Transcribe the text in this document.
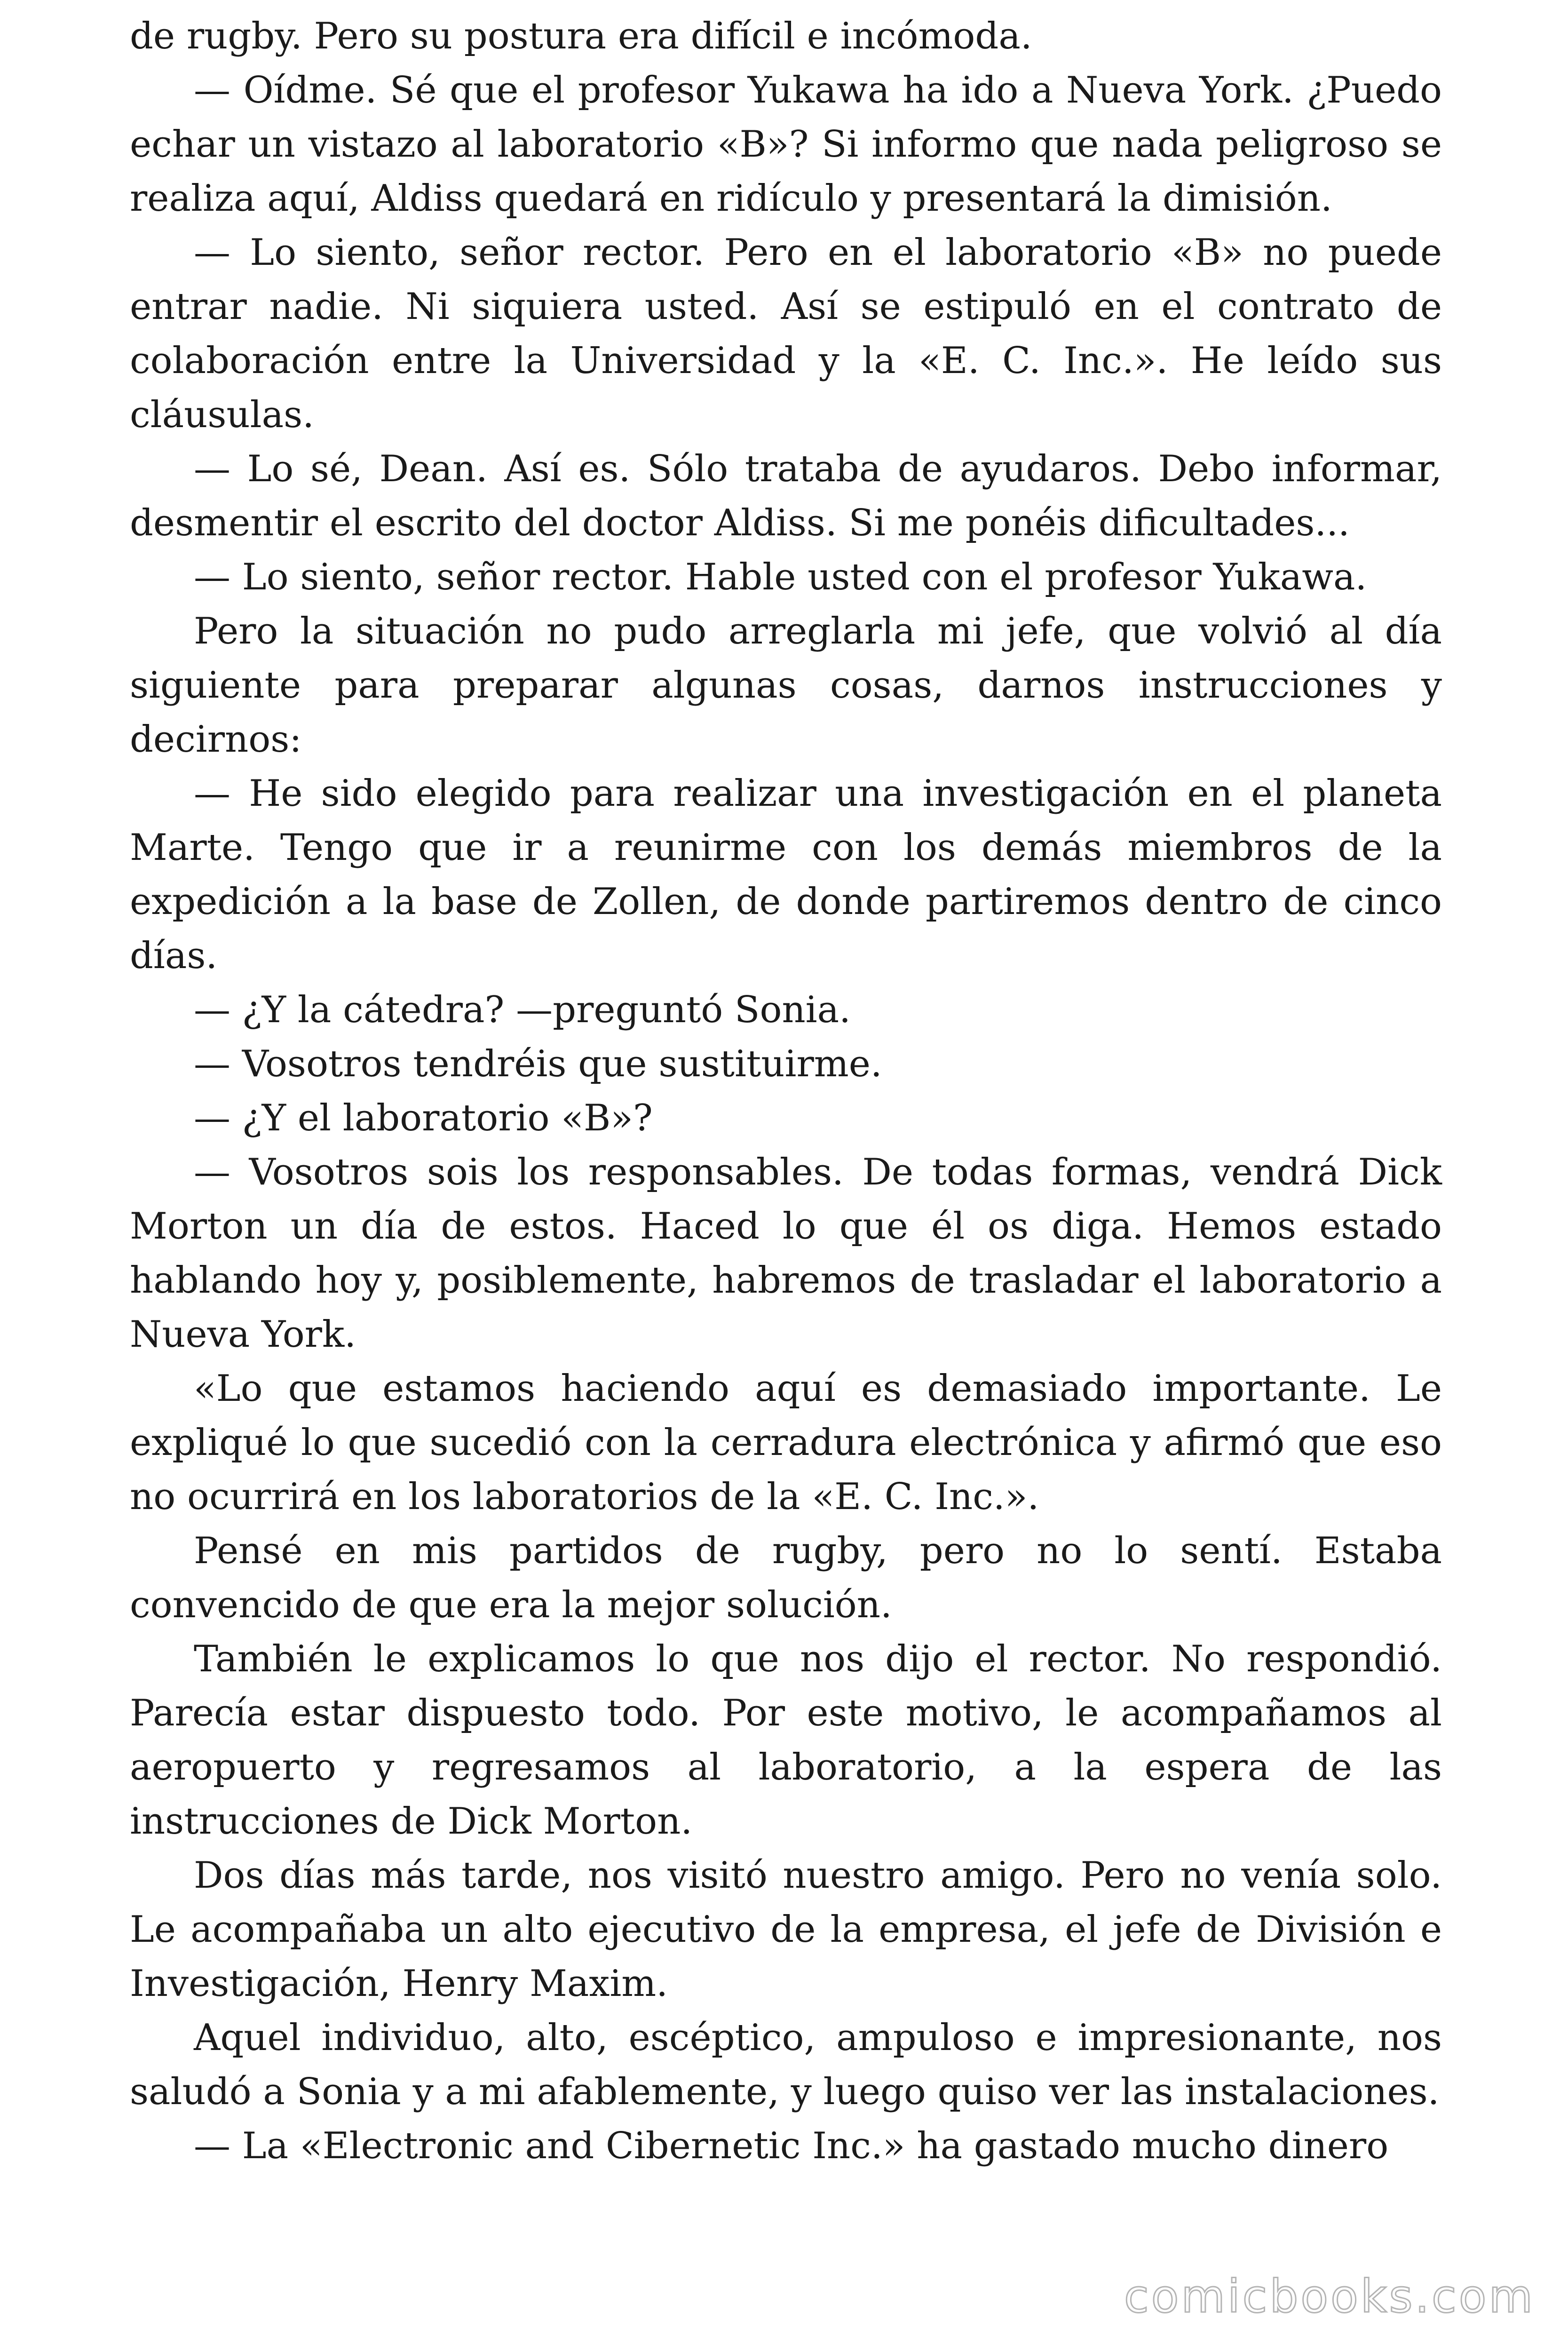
de rugby. Pero su postura era difícil e incómoda.

— Oídme. Sé que el profesor Yukawa ha ido a Nueva York. ¿Puedo echar un vistazo al laboratorio «B»? Si informo que nada peligroso se realiza aquí, Aldiss quedará en ridículo y presentará la dimisión.

— Lo siento, señor rector. Pero en el laboratorio «B» no puede entrar nadie. Ni siquiera usted. Así se estipuló en el contrato de colaboración entre la Universidad y la «E. C. Inc.». He leído sus cláusulas.

— Lo sé, Dean. Así es. Sólo trataba de ayudaros. Debo informar, desmentir el escrito del doctor Aldiss. Si me ponéis dificultades...

— Lo siento, señor rector. Hable usted con el profesor Yukawa.

Pero la situación no pudo arreglarla mi jefe, que volvió al día siguiente para preparar algunas cosas, darnos instrucciones y decirnos:

— He sido elegido para realizar una investigación en el planeta Marte. Tengo que ir a reunirme con los demás miembros de la expedición a la base de Zollen, de donde partiremos dentro de cinco días.

— ¿Y la cátedra? —preguntó Sonia.

— Vosotros tendréis que sustituirme.

— ¿Y el laboratorio «B»?

— Vosotros sois los responsables. De todas formas, vendrá Dick Morton un día de estos. Haced lo que él os diga. Hemos estado hablando hoy y, posiblemente, habremos de trasladar el laboratorio a Nueva York.

«Lo que estamos haciendo aquí es demasiado importante. Le expliqué lo que sucedió con la cerradura electrónica y afirmó que eso no ocurrirá en los laboratorios de la «E. C. Inc.».

Pensé en mis partidos de rugby, pero no lo sentí. Estaba convencido de que era la mejor solución.

También le explicamos lo que nos dijo el rector. No respondió. Parecía estar dispuesto todo. Por este motivo, le acompañamos al aeropuerto y regresamos al laboratorio, a la espera de las instrucciones de Dick Morton.

Dos días más tarde, nos visitó nuestro amigo. Pero no venía solo. Le acompañaba un alto ejecutivo de la empresa, el jefe de División e Investigación, Henry Maxim.

Aquel individuo, alto, escéptico, ampuloso e impresionante, nos saludó a Sonia y a mi afablemente, y luego quiso ver las instalaciones.

— La «Electronic and Cibernetic Inc.» ha gastado mucho dinero

comicbooks.com
